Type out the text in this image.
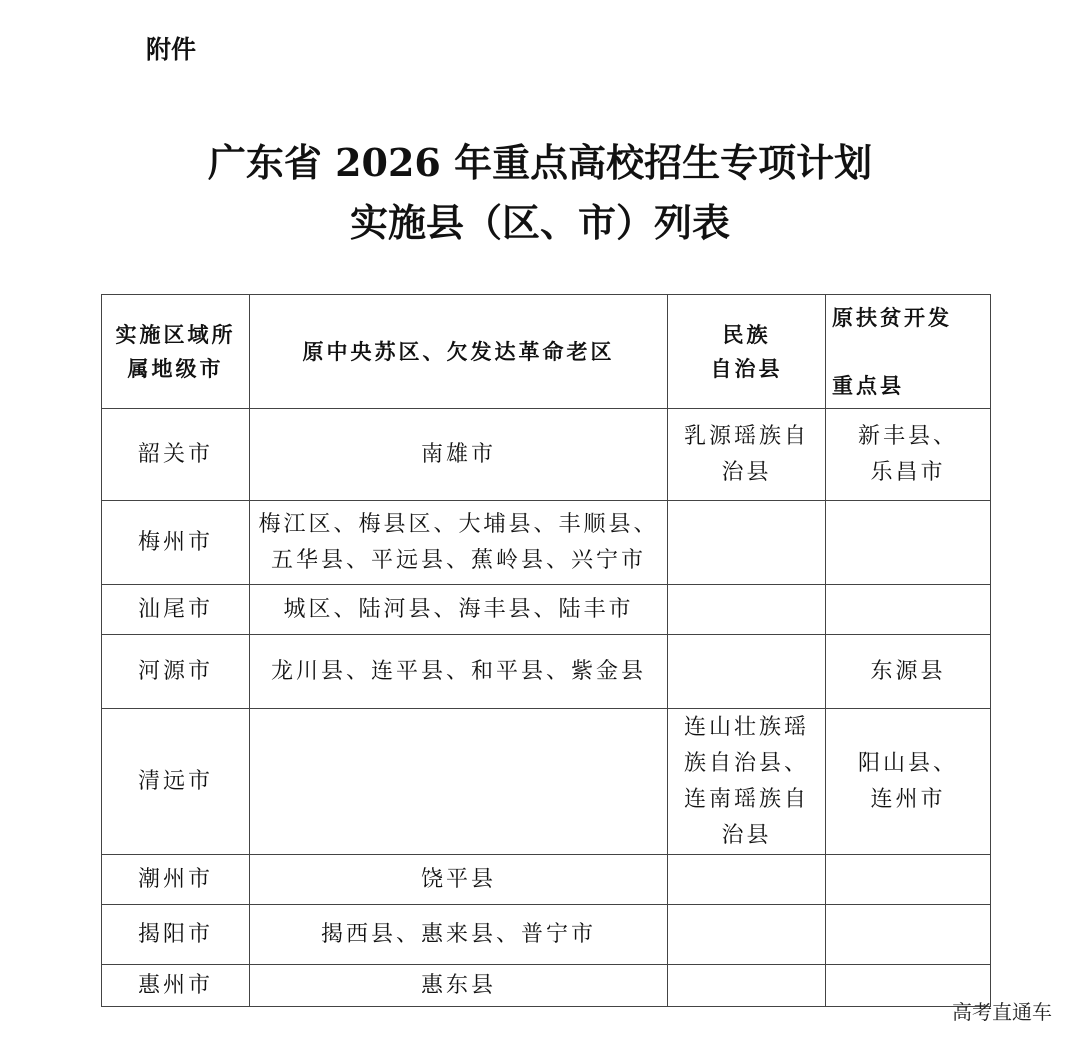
附件
广东省 2026 年重点高校招生专项计划
实施县（区、市）列表
实施区域所
属地级市	原中央苏区、欠发达革命老区	民族
自治县	原扶贫开发

重点县
韶关市	南雄市	乳源瑶族自
治县	新丰县、
乐昌市
梅州市	梅江区、梅县区、大埔县、丰顺县、
五华县、平远县、蕉岭县、兴宁市		
汕尾市	城区、陆河县、海丰县、陆丰市		
河源市	龙川县、连平县、和平县、紫金县		东源县
清远市		连山壮族瑶
族自治县、
连南瑶族自
治县	阳山县、
连州市
潮州市	饶平县		
揭阳市	揭西县、惠来县、普宁市		
惠州市	惠东县		
高考直通车
